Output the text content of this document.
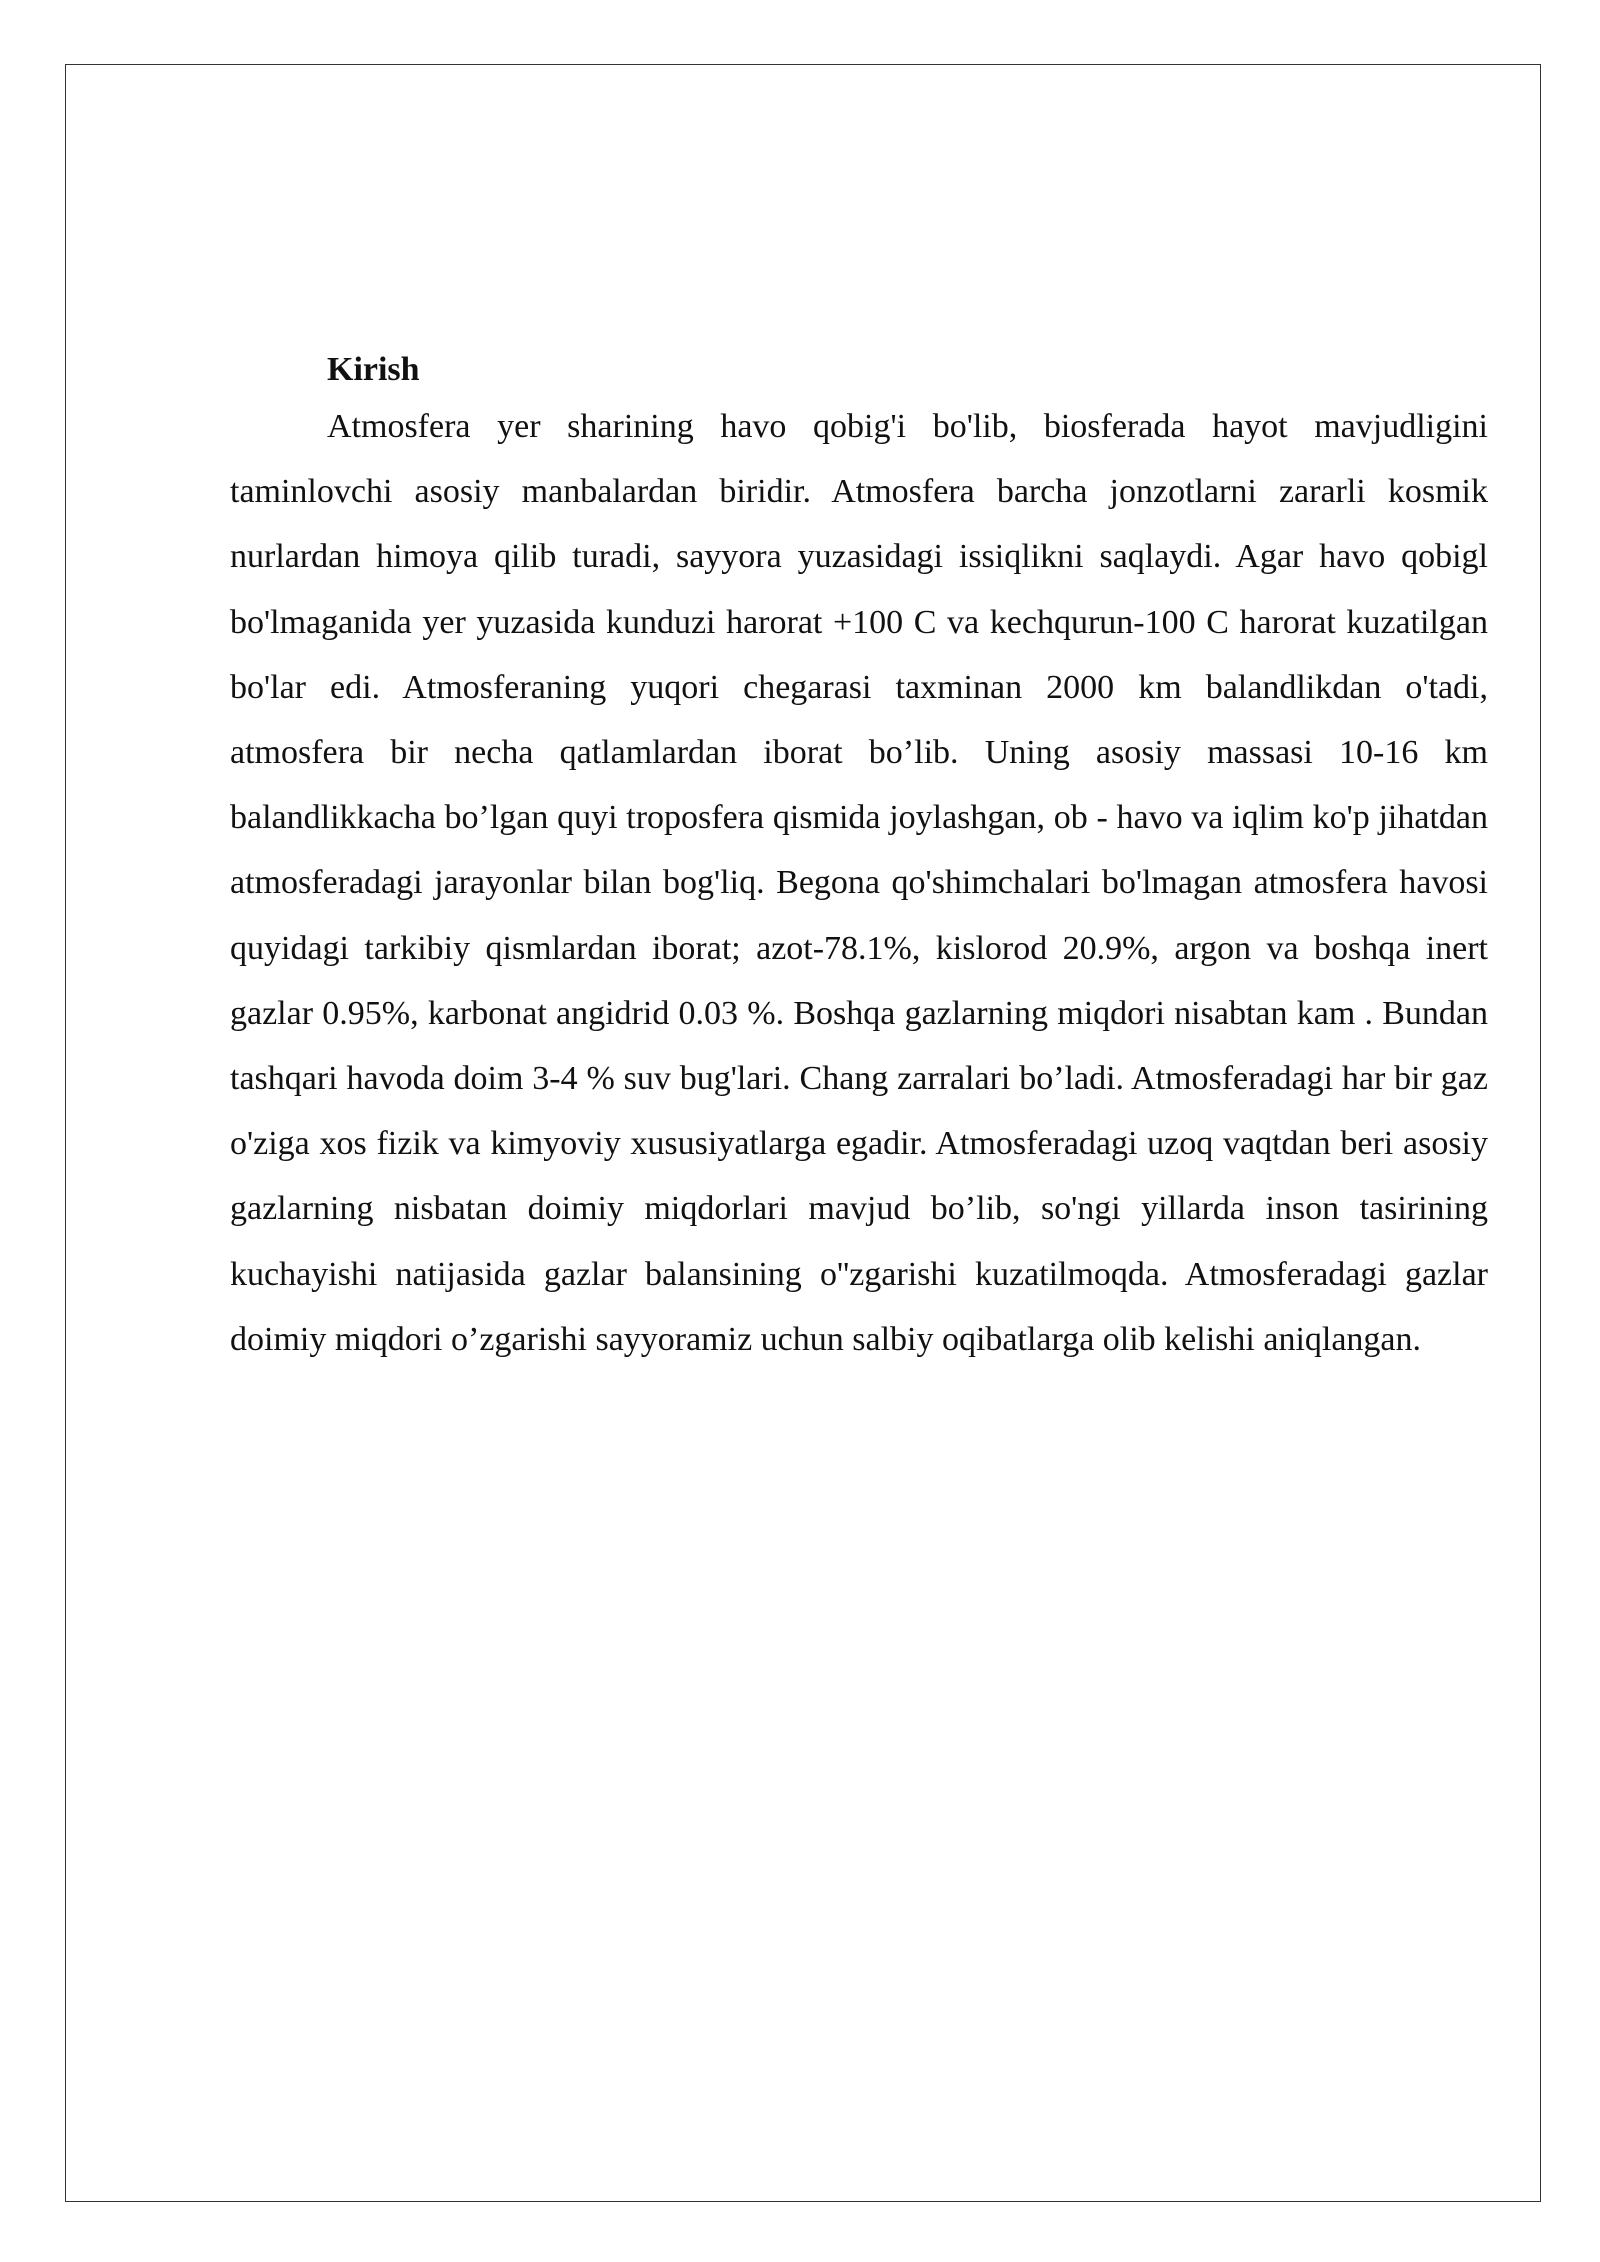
Kirish

Atmosfera yer sharining havo qobig'i bo'lib, biosferada hayot mavjudligini taminlovchi asosiy manbalardan biridir. Atmosfera barcha jonzotlarni zararli kosmik nurlardan himoya qilib turadi, sayyora yuzasidagi issiqlikni saqlaydi. Agar havo qobigl bo'lmaganida yer yuzasida kunduzi harorat +100 C va kechqurun-100 C harorat kuzatilgan bo'lar edi. Atmosferaning yuqori chegarasi taxminan 2000 km balandlikdan o'tadi, atmosfera bir necha qatlamlardan iborat bo’lib. Uning asosiy massasi 10-16 km balandlikkacha bo’lgan quyi troposfera qismida joylashgan, ob - havo va iqlim ko'p jihatdan atmosferadagi jarayonlar bilan bog'liq. Begona qo'shimchalari bo'lmagan atmosfera havosi quyidagi tarkibiy qismlardan iborat; azot-78.1%, kislorod 20.9%, argon va boshqa inert gazlar 0.95%, karbonat angidrid 0.03 %. Boshqa gazlarning miqdori nisabtan kam . Bundan tashqari havoda doim 3-4 % suv bug'lari. Chang zarralari bo’ladi. Atmosferadagi har bir gaz o'ziga xos fizik va kimyoviy xususiyatlarga egadir. Atmosferadagi uzoq vaqtdan beri asosiy gazlarning nisbatan doimiy miqdorlari mavjud bo’lib, so'ngi yillarda inson tasirining kuchayishi natijasida gazlar balansining o''zgarishi kuzatilmoqda. Atmosferadagi gazlar doimiy miqdori o’zgarishi sayyoramiz uchun salbiy oqibatlarga olib kelishi aniqlangan.
